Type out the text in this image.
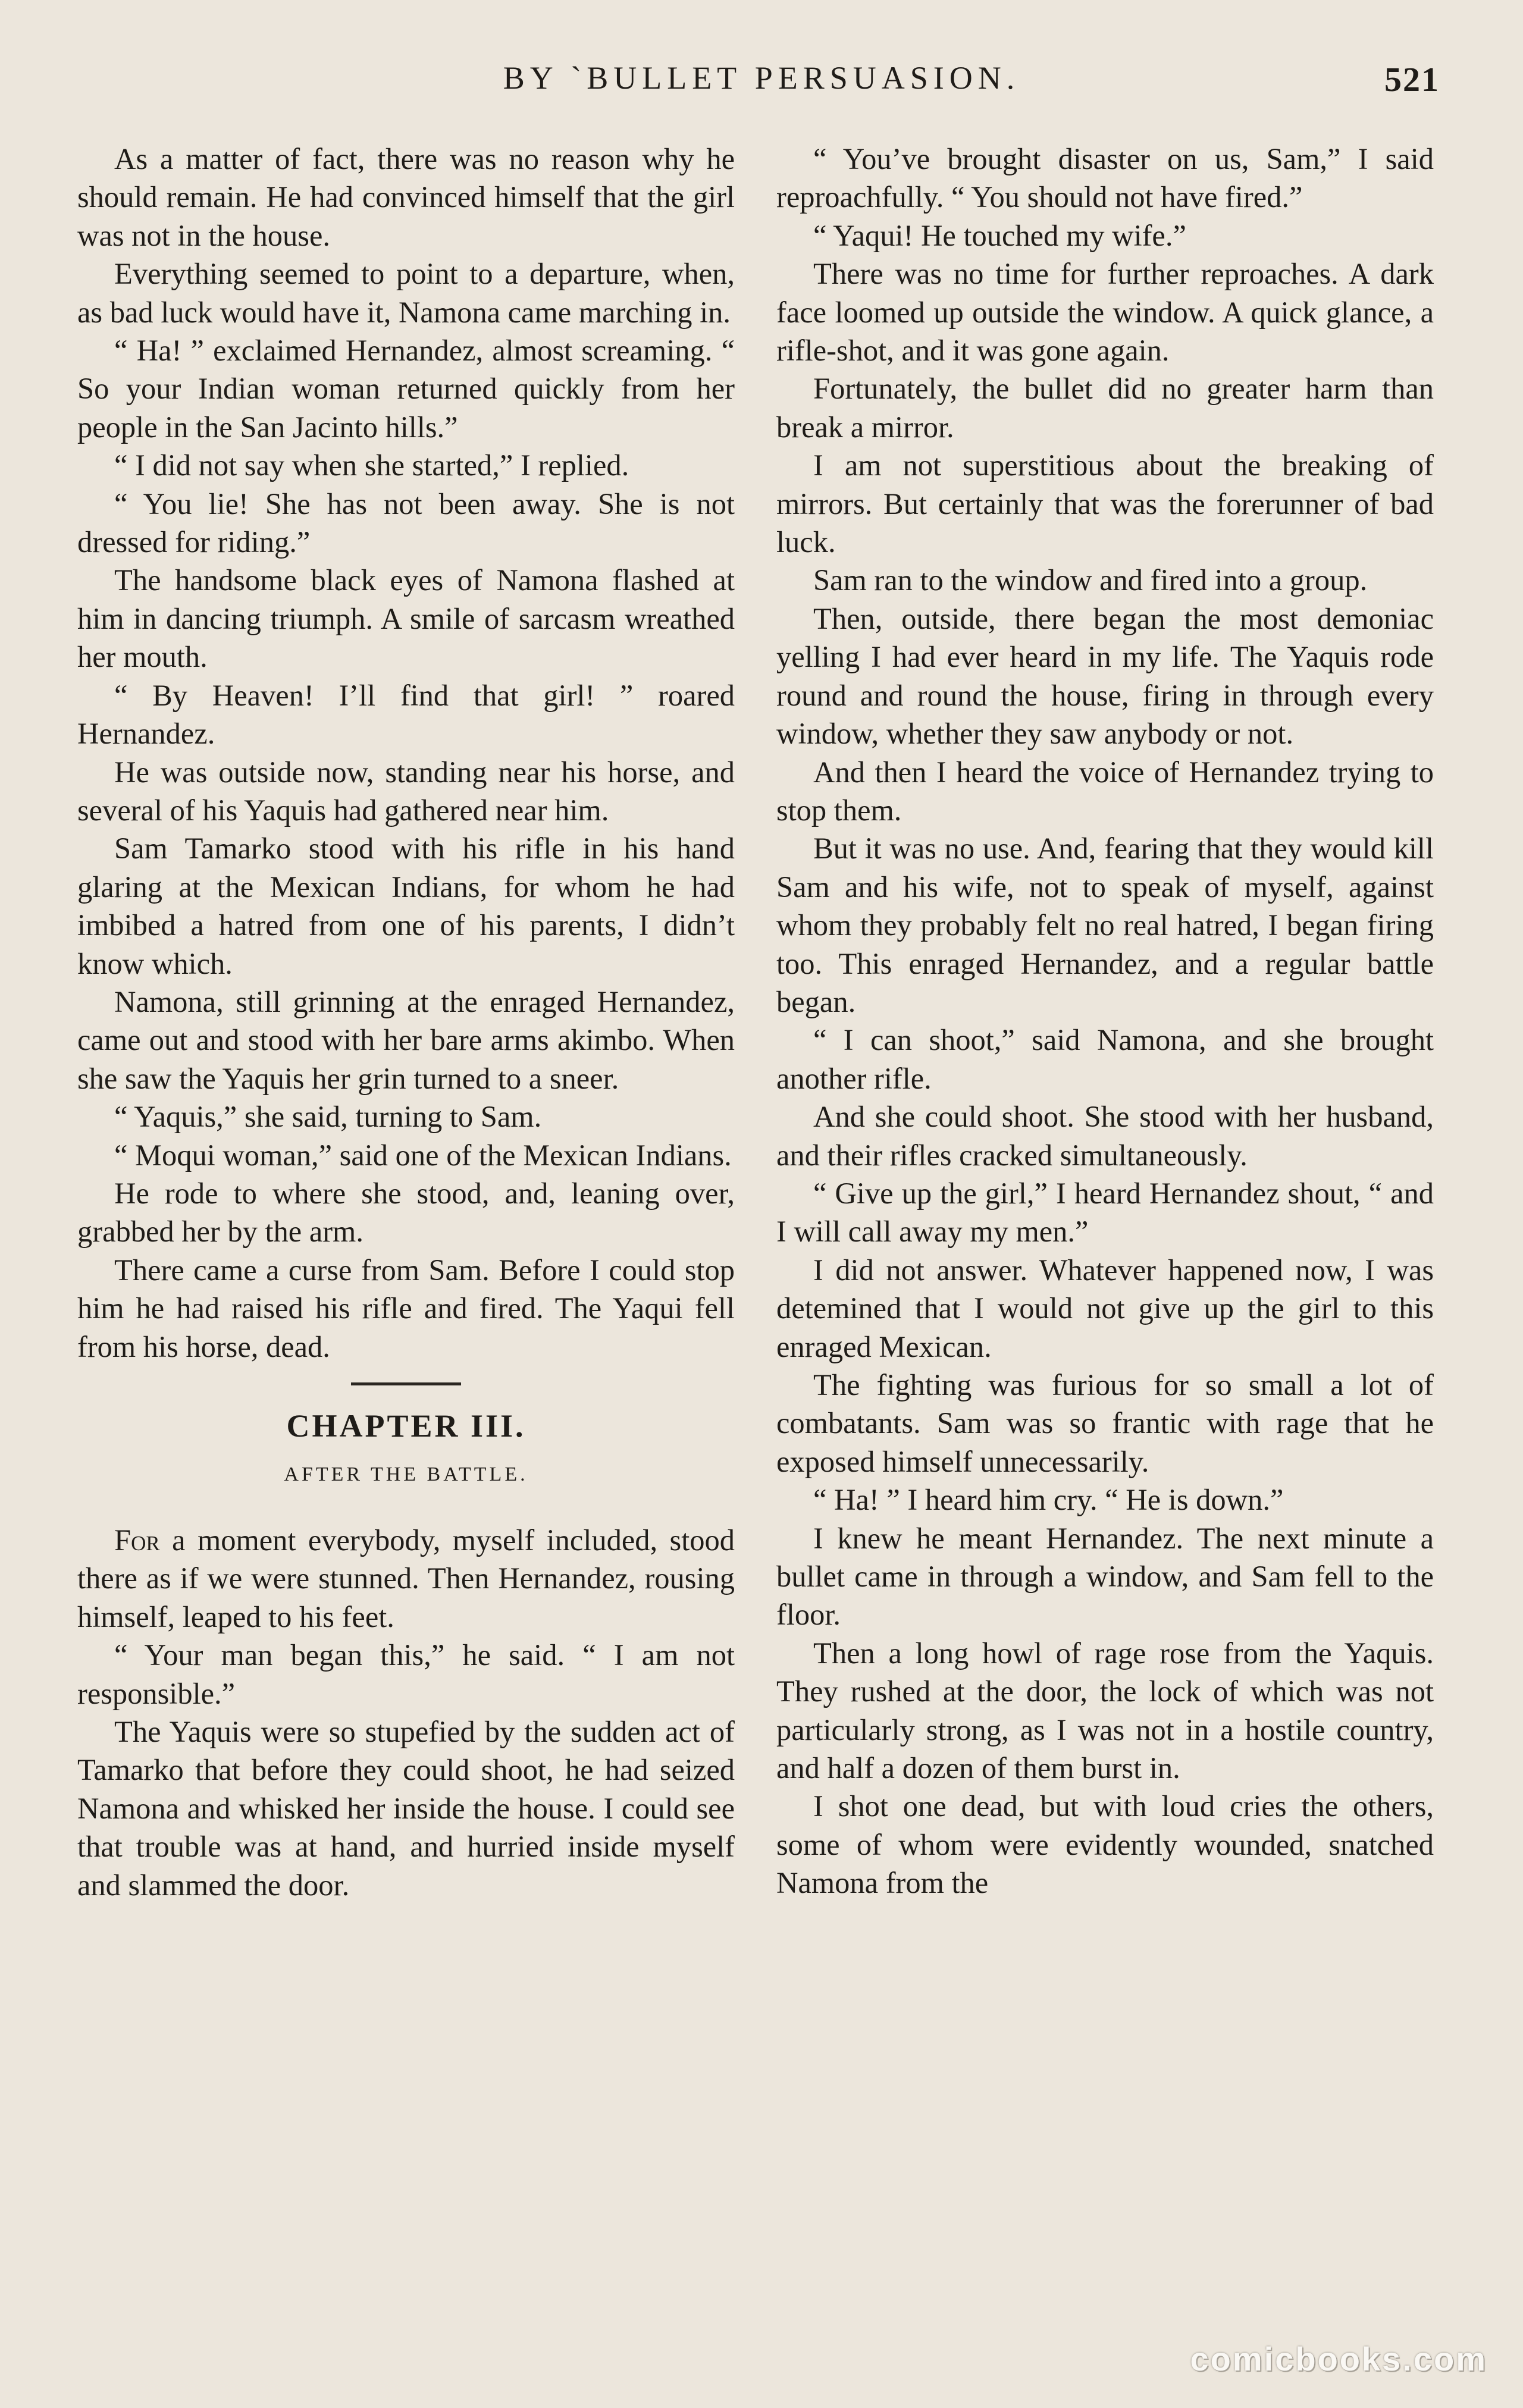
BY `BULLET PERSUASION.	521

As a matter of fact, there was no reason why he should remain. He had convinced himself that the girl was not in the house.

Everything seemed to point to a departure, when, as bad luck would have it, Namona came marching in.

“ Ha! ” exclaimed Hernandez, almost screaming. “ So your Indian woman returned quickly from her people in the San Jacinto hills.”

“ I did not say when she started,” I replied.

“ You lie! She has not been away. She is not dressed for riding.”

The handsome black eyes of Namona flashed at him in dancing triumph. A smile of sarcasm wreathed her mouth.

“ By Heaven! I’ll find that girl! ” roared Hernandez.

He was outside now, standing near his horse, and several of his Yaquis had gathered near him.

Sam Tamarko stood with his rifle in his hand glaring at the Mexican Indians, for whom he had imbibed a hatred from one of his parents, I didn’t know which.

Namona, still grinning at the enraged Hernandez, came out and stood with her bare arms akimbo. When she saw the Yaquis her grin turned to a sneer.

“ Yaquis,” she said, turning to Sam.

“ Moqui woman,” said one of the Mexican Indians.

He rode to where she stood, and, leaning over, grabbed her by the arm.

There came a curse from Sam. Before I could stop him he had raised his rifle and fired. The Yaqui fell from his horse, dead.

CHAPTER III.
AFTER THE BATTLE.

For a moment everybody, myself included, stood there as if we were stunned. Then Hernandez, rousing himself, leaped to his feet.

“ Your man began this,” he said. “ I am not responsible.”

The Yaquis were so stupefied by the sudden act of Tamarko that before they could shoot, he had seized Namona and whisked her inside the house. I could see that trouble was at hand, and hurried inside myself and slammed the door.

“ You’ve brought disaster on us, Sam,” I said reproachfully. “ You should not have fired.”

“ Yaqui! He touched my wife.”

There was no time for further reproaches. A dark face loomed up outside the window. A quick glance, a rifle-shot, and it was gone again.

Fortunately, the bullet did no greater harm than break a mirror.

I am not superstitious about the breaking of mirrors. But certainly that was the forerunner of bad luck.

Sam ran to the window and fired into a group.

Then, outside, there began the most demoniac yelling I had ever heard in my life. The Yaquis rode round and round the house, firing in through every window, whether they saw anybody or not.

And then I heard the voice of Hernandez trying to stop them.

But it was no use. And, fearing that they would kill Sam and his wife, not to speak of myself, against whom they probably felt no real hatred, I began firing too. This enraged Hernandez, and a regular battle began.

“ I can shoot,” said Namona, and she brought another rifle.

And she could shoot. She stood with her husband, and their rifles cracked simultaneously.

“ Give up the girl,” I heard Hernandez shout, “ and I will call away my men.”

I did not answer. Whatever happened now, I was detemined that I would not give up the girl to this enraged Mexican.

The fighting was furious for so small a lot of combatants. Sam was so frantic with rage that he exposed himself unnecessarily.

“ Ha! ” I heard him cry. “ He is down.”

I knew he meant Hernandez. The next minute a bullet came in through a window, and Sam fell to the floor.

Then a long howl of rage rose from the Yaquis. They rushed at the door, the lock of which was not particularly strong, as I was not in a hostile country, and half a dozen of them burst in.

I shot one dead, but with loud cries the others, some of whom were evidently wounded, snatched Namona from the

comicbooks.com
